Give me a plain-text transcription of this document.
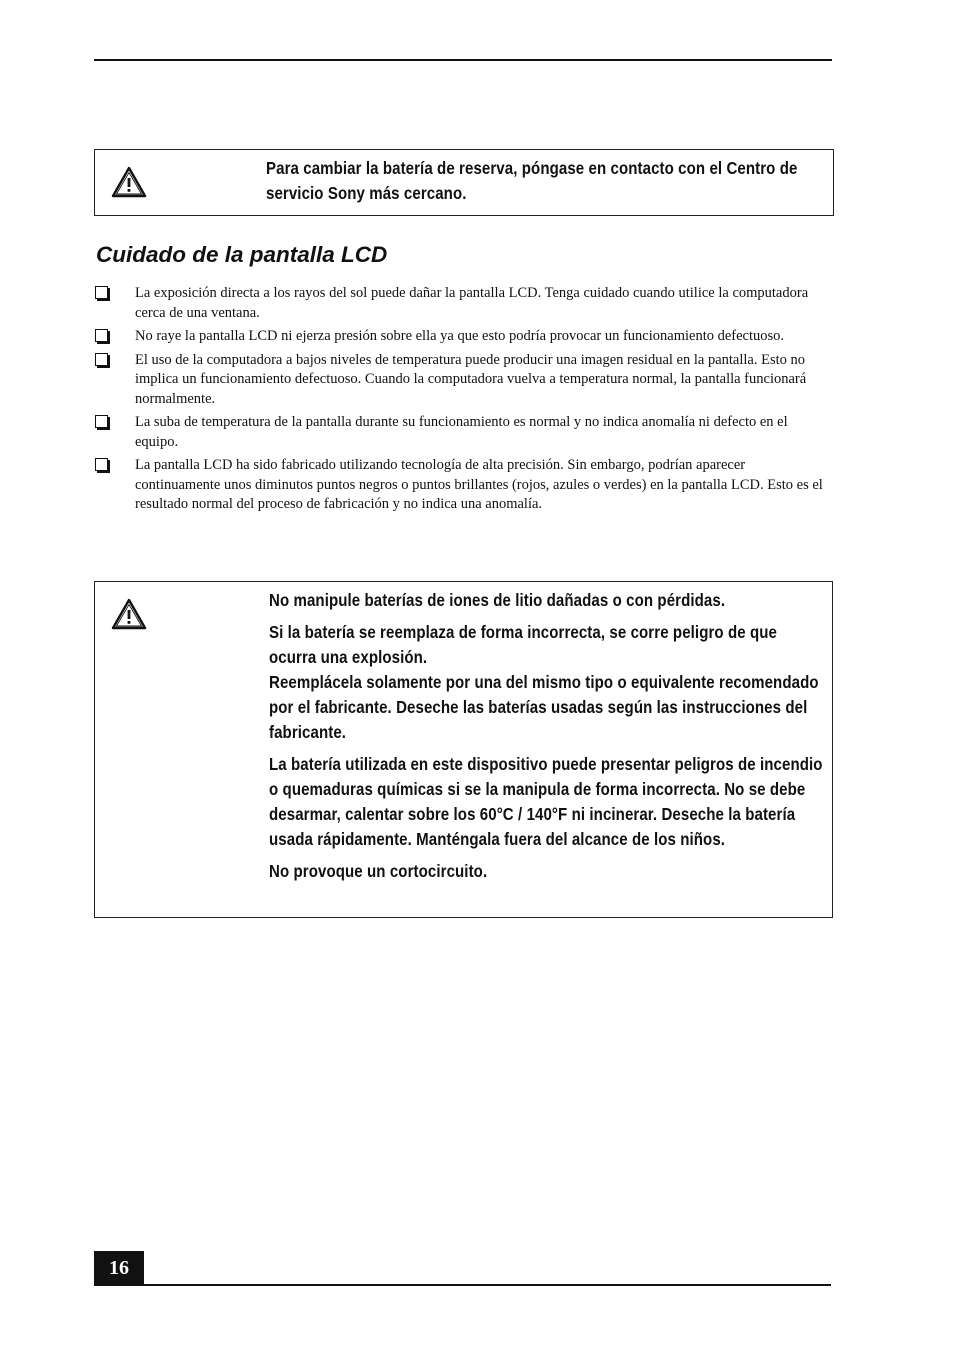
Para cambiar la batería de reserva, póngase en contacto con el Centro de servicio Sony más cercano.

Cuidado de la pantalla LCD
La exposición directa a los rayos del sol puede dañar la pantalla LCD. Tenga cuidado cuando utilice la computadora cerca de una ventana.
No raye la pantalla LCD ni ejerza presión sobre ella ya que esto podría provocar un funcionamiento defectuoso.
El uso de la computadora a bajos niveles de temperatura puede producir una imagen residual en la pantalla. Esto no implica un funcionamiento defectuoso. Cuando la computadora vuelva a temperatura normal, la pantalla funcionará normalmente.
La suba de temperatura de la pantalla durante su funcionamiento es normal y no indica anomalía ni defecto en el equipo.
La pantalla LCD ha sido fabricado utilizando tecnología de alta precisión. Sin embargo, podrían aparecer continuamente unos diminutos puntos negros o puntos brillantes (rojos, azules o verdes) en la pantalla LCD. Esto es el resultado normal del proceso de fabricación y no indica una anomalía.

No manipule baterías de iones de litio dañadas o con pérdidas.

Si la batería se reemplaza de forma incorrecta, se corre peligro de que ocurra una explosión.

Reemplácela solamente por una del mismo tipo o equivalente recomendado por el fabricante. Deseche las baterías usadas según las instrucciones del fabricante.

La batería utilizada en este dispositivo puede presentar peligros de incendio o quemaduras químicas si se la manipula de forma incorrecta. No se debe desarmar, calentar sobre los 60°C / 140°F ni incinerar. Deseche la batería usada rápidamente. Manténgala fuera del alcance de los niños.

No provoque un cortocircuito.

16
